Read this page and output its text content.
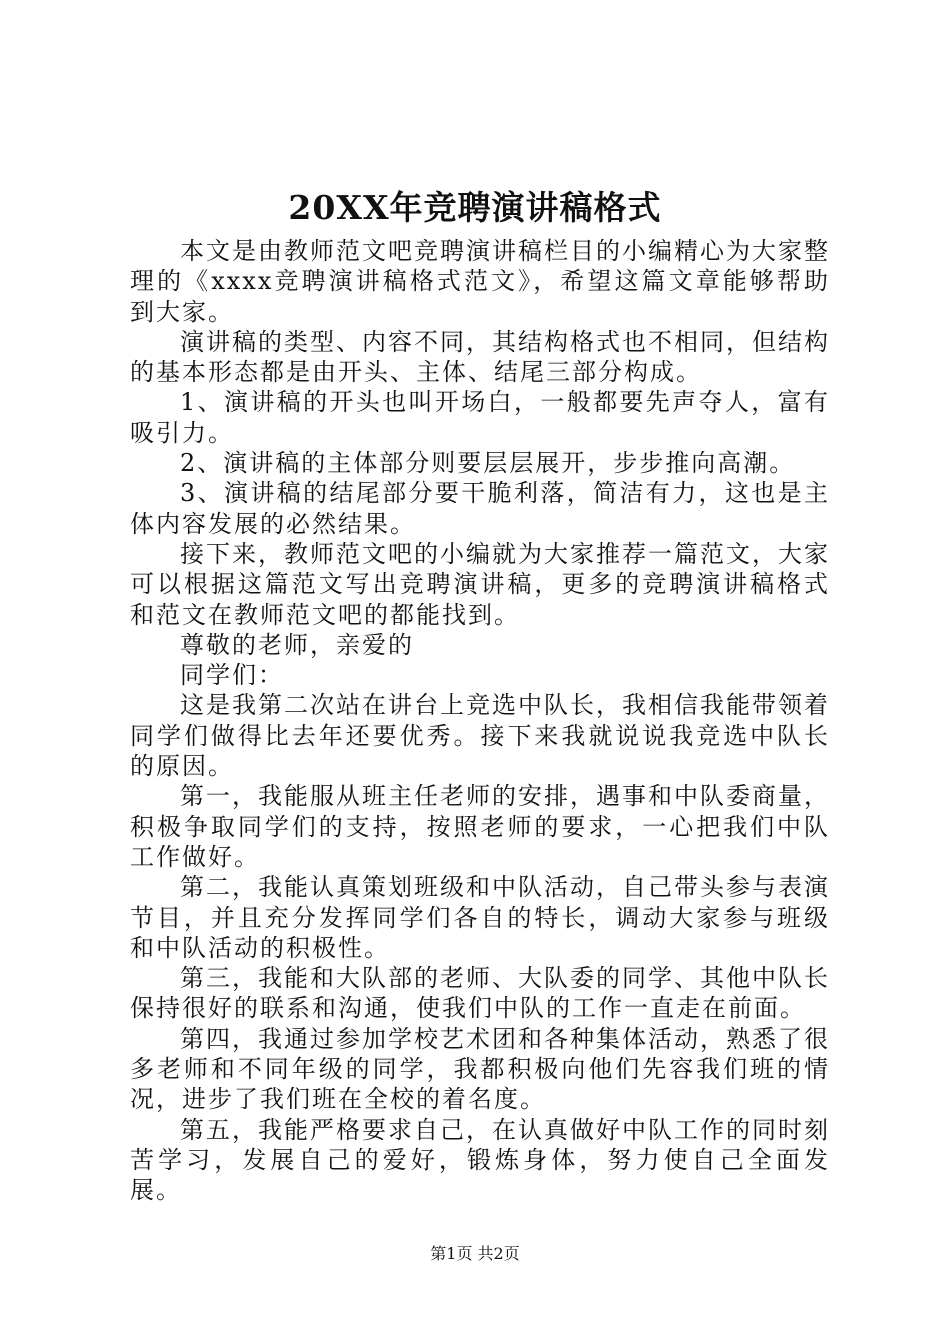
20XX年竞聘演讲稿格式

本文是由教师范文吧竞聘演讲稿栏目的小编精心为大家整理的《xxxx竞聘演讲稿格式范文》，希望这篇文章能够帮助到大家。

演讲稿的类型、内容不同，其结构格式也不相同，但结构的基本形态都是由开头、主体、结尾三部分构成。

1、演讲稿的开头也叫开场白，一般都要先声夺人，富有吸引力。

2、演讲稿的主体部分则要层层展开，步步推向高潮。

3、演讲稿的结尾部分要干脆利落，简洁有力，这也是主体内容发展的必然结果。

接下来，教师范文吧的小编就为大家推荐一篇范文，大家可以根据这篇范文写出竞聘演讲稿，更多的竞聘演讲稿格式和范文在教师范文吧的都能找到。

尊敬的老师，亲爱的

同学们：

这是我第二次站在讲台上竞选中队长，我相信我能带领着同学们做得比去年还要优秀。接下来我就说说我竞选中队长的原因。

第一，我能服从班主任老师的安排，遇事和中队委商量，积极争取同学们的支持，按照老师的要求，一心把我们中队工作做好。

第二，我能认真策划班级和中队活动，自己带头参与表演节目，并且充分发挥同学们各自的特长，调动大家参与班级和中队活动的积极性。

第三，我能和大队部的老师、大队委的同学、其他中队长保持很好的联系和沟通，使我们中队的工作一直走在前面。

第四，我通过参加学校艺术团和各种集体活动，熟悉了很多老师和不同年级的同学，我都积极向他们先容我们班的情况，进步了我们班在全校的着名度。

第五，我能严格要求自己，在认真做好中队工作的同时刻苦学习，发展自己的爱好，锻炼身体，努力使自己全面发展。

第1页 共2页
